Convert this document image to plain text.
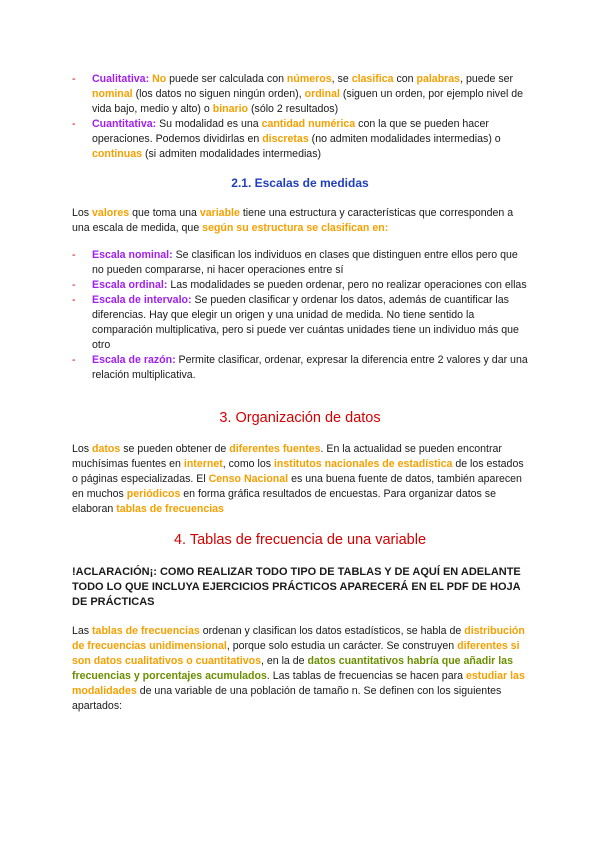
- Cualitativa: No puede ser calculada con números, se clasifica con palabras, puede ser nominal (los datos no siguen ningún orden), ordinal (siguen un orden, por ejemplo nivel de vida bajo, medio y alto) o binario (sólo 2 resultados)
- Cuantitativa: Su modalidad es una cantidad numérica con la que se pueden hacer operaciones. Podemos dividirlas en discretas (no admiten modalidades intermedias) o continuas (si admiten modalidades intermedias)
2.1. Escalas de medidas
Los valores que toma una variable tiene una estructura y características que corresponden a una escala de medida, que según su estructura se clasifican en:
- Escala nominal: Se clasifican los individuos en clases que distinguen entre ellos pero que no pueden compararse, ni hacer operaciones entre sí
- Escala ordinal: Las modalidades se pueden ordenar, pero no realizar operaciones con ellas
- Escala de intervalo: Se pueden clasificar y ordenar los datos, además de cuantificar las diferencias. Hay que elegir un origen y una unidad de medida. No tiene sentido la comparación multiplicativa, pero si puede ver cuántas unidades tiene un individuo más que otro
- Escala de razón: Permite clasificar, ordenar, expresar la diferencia entre 2 valores y dar una relación multiplicativa.
3. Organización de datos
Los datos se pueden obtener de diferentes fuentes. En la actualidad se pueden encontrar muchísimas fuentes en internet, como los institutos nacionales de estadística de los estados o páginas especializadas. El Censo Nacional es una buena fuente de datos, también aparecen en muchos periódicos en forma gráfica resultados de encuestas. Para organizar datos se elaboran tablas de frecuencias
4. Tablas de frecuencia de una variable
!ACLARACIÓN¡: COMO REALIZAR TODO TIPO DE TABLAS Y DE AQUÍ EN ADELANTE TODO LO QUE INCLUYA EJERCICIOS PRÁCTICOS APARECERÁ EN EL PDF DE HOJA DE PRÁCTICAS
Las tablas de frecuencias ordenan y clasifican los datos estadísticos, se habla de distribución de frecuencias unidimensional, porque solo estudia un carácter. Se construyen diferentes si son datos cualitativos o cuantitativos, en la de datos cuantitativos habría que añadir las frecuencias y porcentajes acumulados. Las tablas de frecuencias se hacen para estudiar las modalidades de una variable de una población de tamaño n. Se definen con los siguientes apartados:
